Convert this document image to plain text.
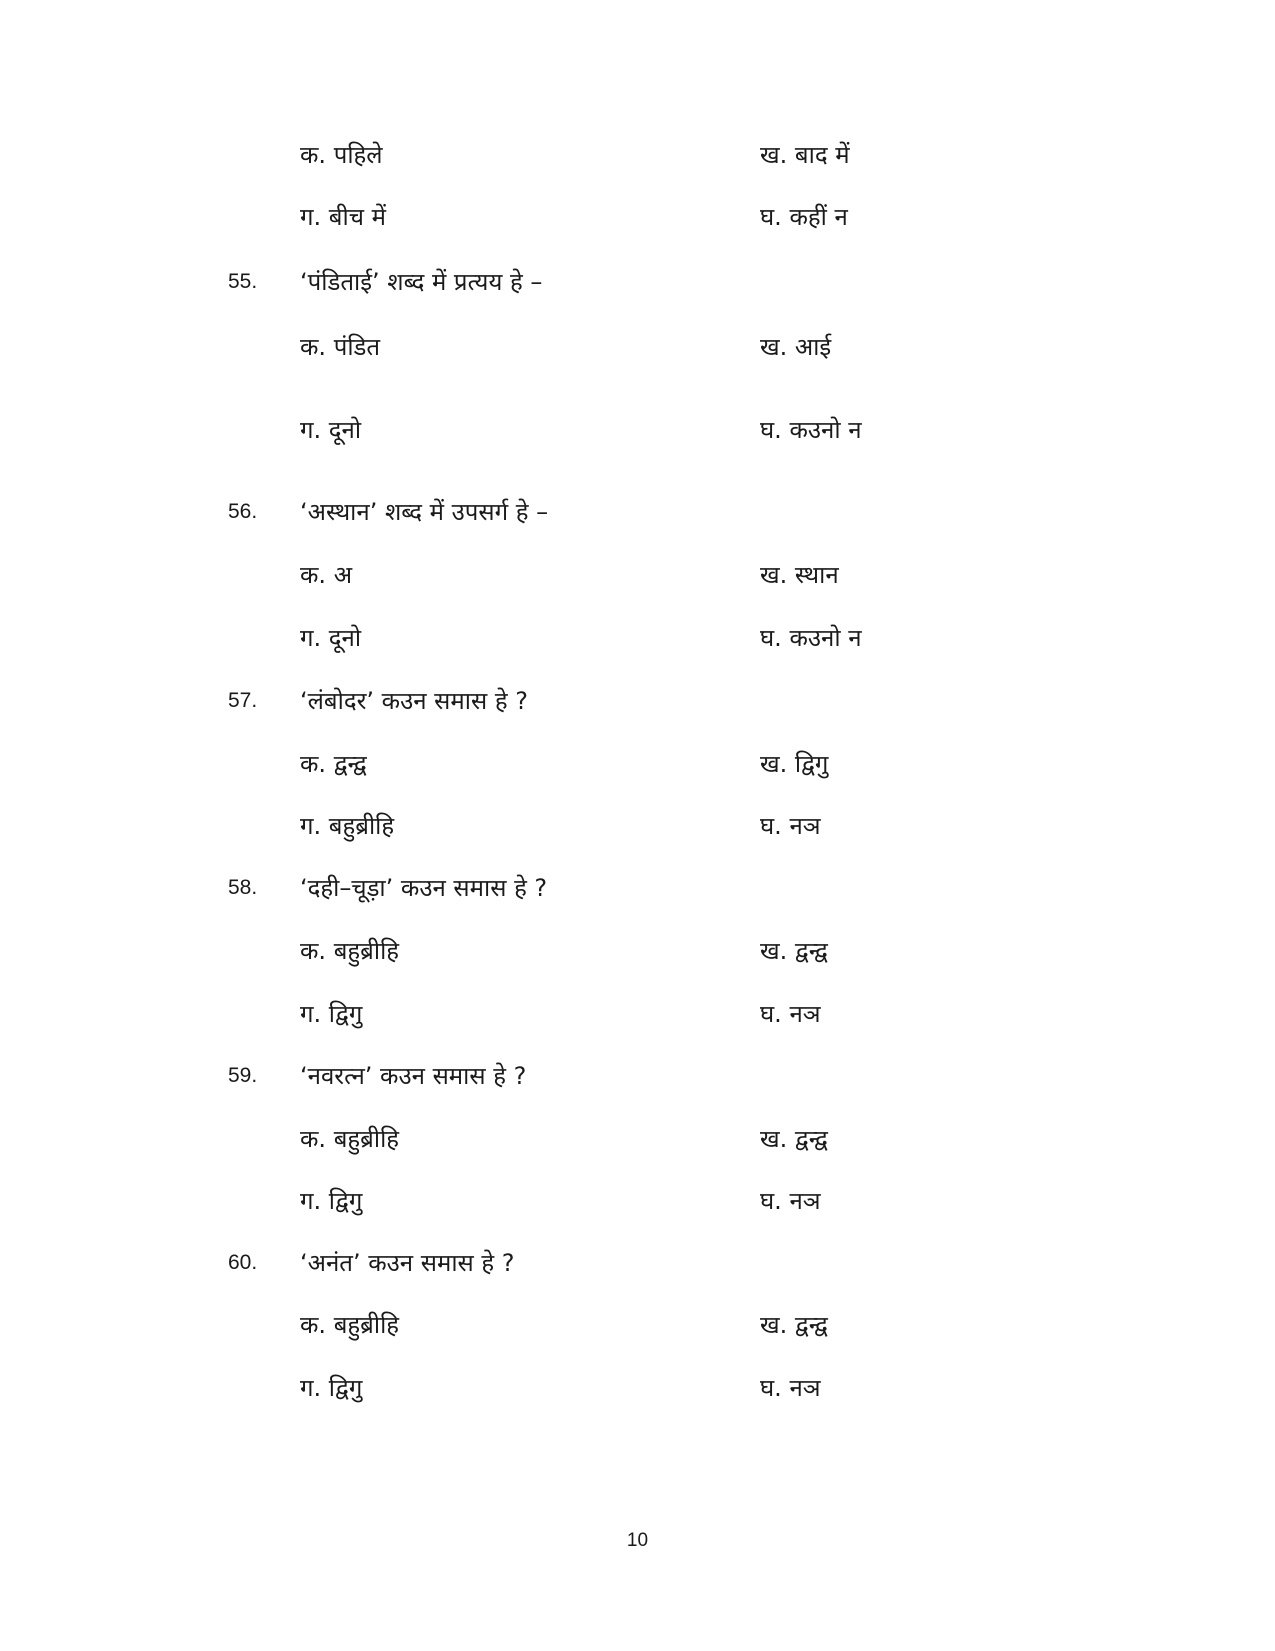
क. पहिले	ख. बाद में
ग. बीच में	घ. कहीं न
55. ‘पंडिताई’ शब्द में प्रत्यय हे –
क. पंडित	ख. आई
ग. दूनो	घ. कउनो न
56. ‘अस्थान’ शब्द में उपसर्ग हे –
क. अ	ख. स्थान
ग. दूनो	घ. कउनो न
57. ‘लंबोदर’ कउन समास हे ?
क. द्वन्द्व	ख. द्विगु
ग. बहुब्रीहि	घ. नञ
58. ‘दही–चूड़ा’ कउन समास हे ?
क. बहुब्रीहि	ख. द्वन्द्व
ग. द्विगु	घ. नञ
59. ‘नवरत्न’ कउन समास हे ?
क. बहुब्रीहि	ख. द्वन्द्व
ग. द्विगु	घ. नञ
60. ‘अनंत’ कउन समास हे ?
क. बहुब्रीहि	ख. द्वन्द्व
ग. द्विगु	घ. नञ
10
